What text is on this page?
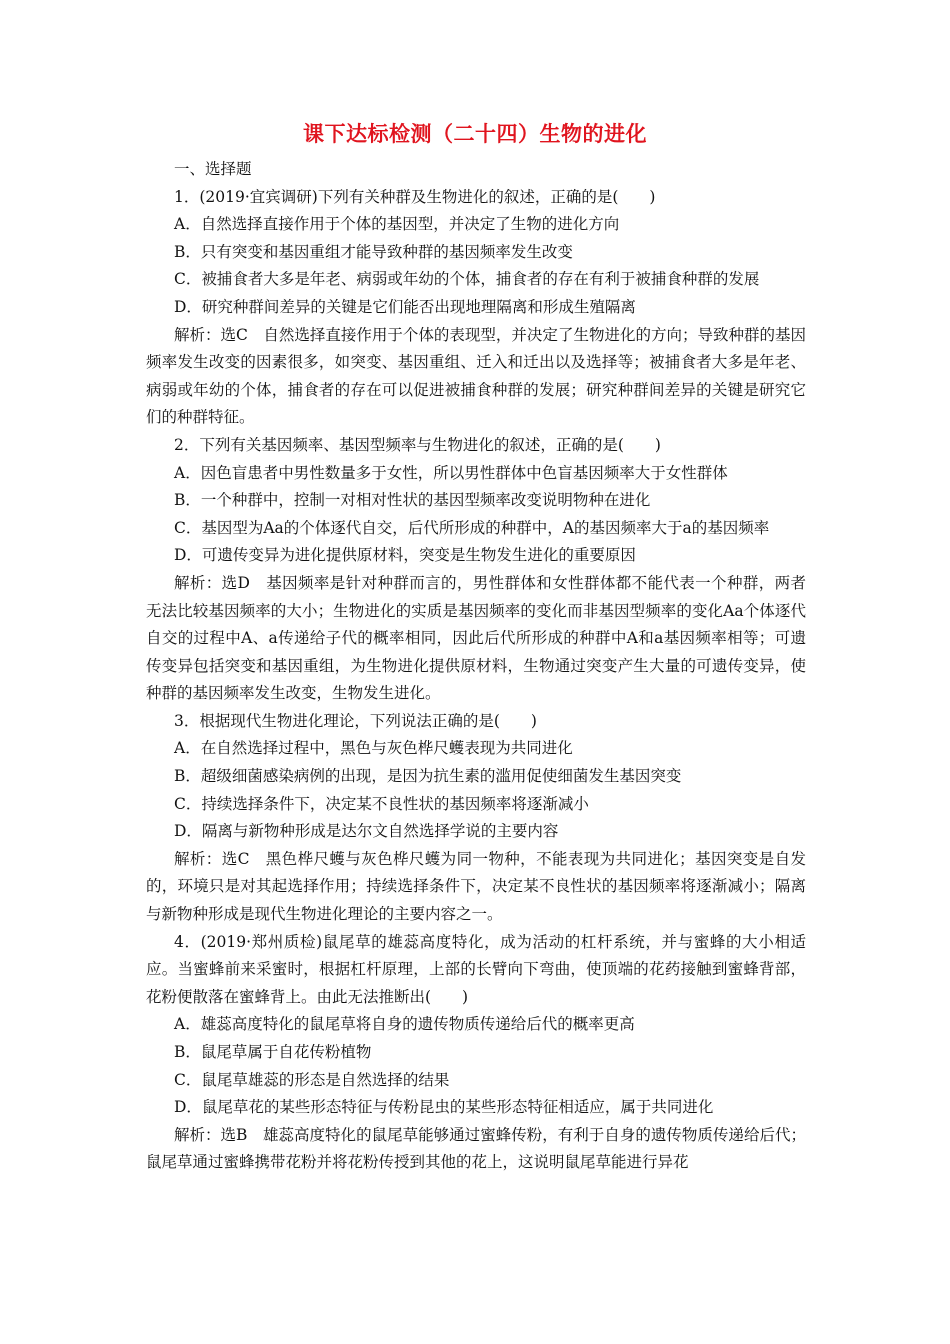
课下达标检测（二十四）生物的进化

一、选择题

1．(2019·宜宾调研)下列有关种群及生物进化的叙述，正确的是(　　)

A．自然选择直接作用于个体的基因型，并决定了生物的进化方向

B．只有突变和基因重组才能导致种群的基因频率发生改变

C．被捕食者大多是年老、病弱或年幼的个体，捕食者的存在有利于被捕食种群的发展

D．研究种群间差异的关键是它们能否出现地理隔离和形成生殖隔离

解析：选C　自然选择直接作用于个体的表现型，并决定了生物进化的方向；导致种群的基因频率发生改变的因素很多，如突变、基因重组、迁入和迁出以及选择等；被捕食者大多是年老、病弱或年幼的个体，捕食者的存在可以促进被捕食种群的发展；研究种群间差异的关键是研究它们的种群特征。

2．下列有关基因频率、基因型频率与生物进化的叙述，正确的是(　　)

A．因色盲患者中男性数量多于女性，所以男性群体中色盲基因频率大于女性群体

B．一个种群中，控制一对相对性状的基因型频率改变说明物种在进化

C．基因型为Aa的个体逐代自交，后代所形成的种群中，A的基因频率大于a的基因频率

D．可遗传变异为进化提供原材料，突变是生物发生进化的重要原因

解析：选D　基因频率是针对种群而言的，男性群体和女性群体都不能代表一个种群，两者无法比较基因频率的大小；生物进化的实质是基因频率的变化而非基因型频率的变化Aa个体逐代自交的过程中A、a传递给子代的概率相同，因此后代所形成的种群中A和a基因频率相等；可遗传变异包括突变和基因重组，为生物进化提供原材料，生物通过突变产生大量的可遗传变异，使种群的基因频率发生改变，生物发生进化。

3．根据现代生物进化理论，下列说法正确的是(　　)

A．在自然选择过程中，黑色与灰色桦尺蠖表现为共同进化

B．超级细菌感染病例的出现，是因为抗生素的滥用促使细菌发生基因突变

C．持续选择条件下，决定某不良性状的基因频率将逐渐减小

D．隔离与新物种形成是达尔文自然选择学说的主要内容

解析：选C　黑色桦尺蠖与灰色桦尺蠖为同一物种，不能表现为共同进化；基因突变是自发的，环境只是对其起选择作用；持续选择条件下，决定某不良性状的基因频率将逐渐减小；隔离与新物种形成是现代生物进化理论的主要内容之一。

4．(2019·郑州质检)鼠尾草的雄蕊高度特化，成为活动的杠杆系统，并与蜜蜂的大小相适应。当蜜蜂前来采蜜时，根据杠杆原理，上部的长臂向下弯曲，使顶端的花药接触到蜜蜂背部，花粉便散落在蜜蜂背上。由此无法推断出(　　)

A．雄蕊高度特化的鼠尾草将自身的遗传物质传递给后代的概率更高

B．鼠尾草属于自花传粉植物

C．鼠尾草雄蕊的形态是自然选择的结果

D．鼠尾草花的某些形态特征与传粉昆虫的某些形态特征相适应，属于共同进化

解析：选B　雄蕊高度特化的鼠尾草能够通过蜜蜂传粉，有利于自身的遗传物质传递给后代；鼠尾草通过蜜蜂携带花粉并将花粉传授到其他的花上，这说明鼠尾草能进行异花
